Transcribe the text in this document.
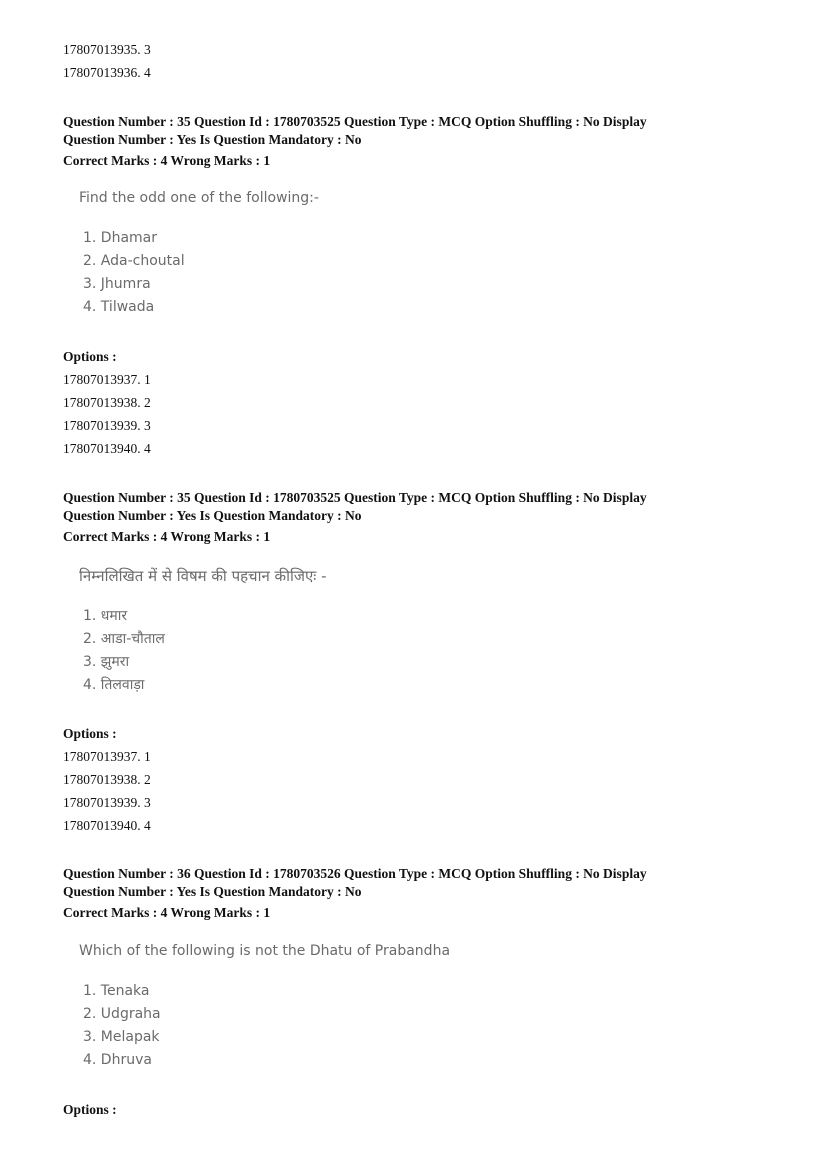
17807013935. 3
17807013936. 4
Question Number : 35 Question Id : 1780703525 Question Type : MCQ Option Shuffling : No Display
Question Number : Yes Is Question Mandatory : No
Correct Marks : 4 Wrong Marks : 1
Find the odd one of the following:-
1. Dhamar
2. Ada-choutal
3. Jhumra
4. Tilwada
Options :
17807013937. 1
17807013938. 2
17807013939. 3
17807013940. 4
Question Number : 35 Question Id : 1780703525 Question Type : MCQ Option Shuffling : No Display
Question Number : Yes Is Question Mandatory : No
Correct Marks : 4 Wrong Marks : 1
निम्नलिखित में से विषम की पहचान कीजिएः -
1. धमार
2. आडा-चौताल
3. झुमरा
4. तिलवाड़ा
Options :
17807013937. 1
17807013938. 2
17807013939. 3
17807013940. 4
Question Number : 36 Question Id : 1780703526 Question Type : MCQ Option Shuffling : No Display
Question Number : Yes Is Question Mandatory : No
Correct Marks : 4 Wrong Marks : 1
Which of the following is not the Dhatu of Prabandha
1. Tenaka
2. Udgraha
3. Melapak
4. Dhruva
Options :
